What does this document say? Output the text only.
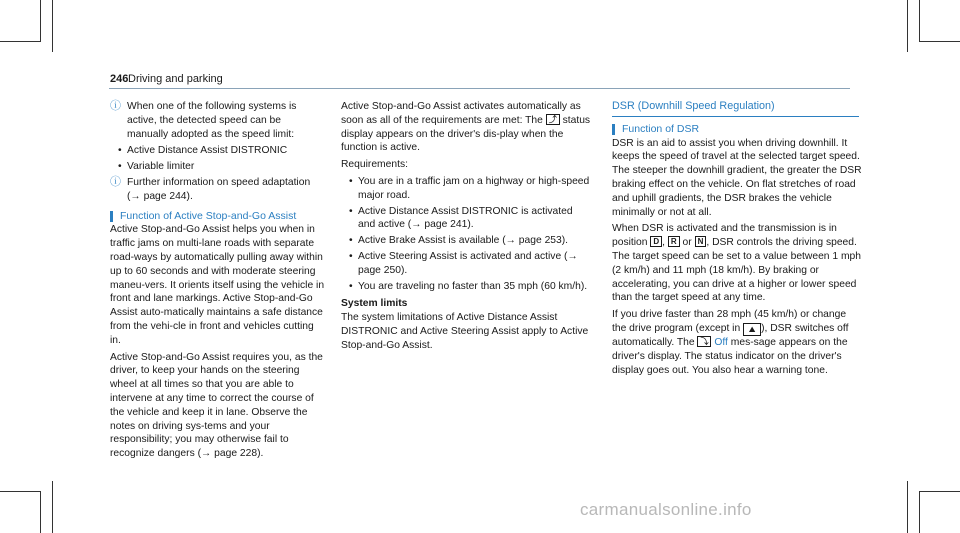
246 Driving and parking
ⓘ When one of the following systems is active, the detected speed can be manually adopted as the speed limit:

• Active Distance Assist DISTRONIC
• Variable limiter
ⓘ Further information on speed adaptation (→ page 244).

Function of Active Stop-and-Go Assist

Active Stop-and-Go Assist helps you when in traffic jams on multi-lane roads with separate road-ways by automatically pulling away within up to 60 seconds and with moderate steering maneu-vers. It orients itself using the vehicle in front and lane markings. Active Stop-and-Go Assist auto-matically maintains a safe distance from the vehi-cle in front and vehicles cutting in.

Active Stop-and-Go Assist requires you, as the driver, to keep your hands on the steering wheel at all times so that you are able to intervene at any time to correct the course of the vehicle and keep it in lane. Observe the notes on driving sys-tems and your responsibility; you may otherwise fail to recognize dangers (→ page 228).

Active Stop-and-Go Assist activates automatically as soon as all of the requirements are met: The ⤴ status display appears on the driver's dis-play when the function is active.

Requirements:

• You are in a traffic jam on a highway or high-speed major road.
• Active Distance Assist DISTRONIC is activated and active (→ page 241).
• Active Brake Assist is available (→ page 253).
• Active Steering Assist is activated and active (→ page 250).
• You are traveling no faster than 35 mph (60 km/h).
System limits

The system limitations of Active Distance Assist DISTRONIC and Active Steering Assist apply to Active Stop-and-Go Assist.

DSR (Downhill Speed Regulation)
Function of DSR

DSR is an aid to assist you when driving downhill. It keeps the speed of travel at the selected target speed. The steeper the downhill gradient, the greater the DSR braking effect on the vehicle. On flat stretches of road and uphill gradients, the DSR brakes the vehicle minimally or not at all.

When DSR is activated and the transmission is in position D , R or N , DSR controls the driving speed. The target speed can be set to a value between 1 mph (2 km/h) and 11 mph (18 km/h). By braking or accelerating, you can drive at a higher or lower speed than the target speed at any time.

If you drive faster than 28 mph (45 km/h) or change the drive program (except in ⛰ ), DSR switches off automatically. The ⤵ Off mes-sage appears on the driver's display. The status indicator on the driver's display goes out. You also hear a warning tone.

carmanualsonline.info
